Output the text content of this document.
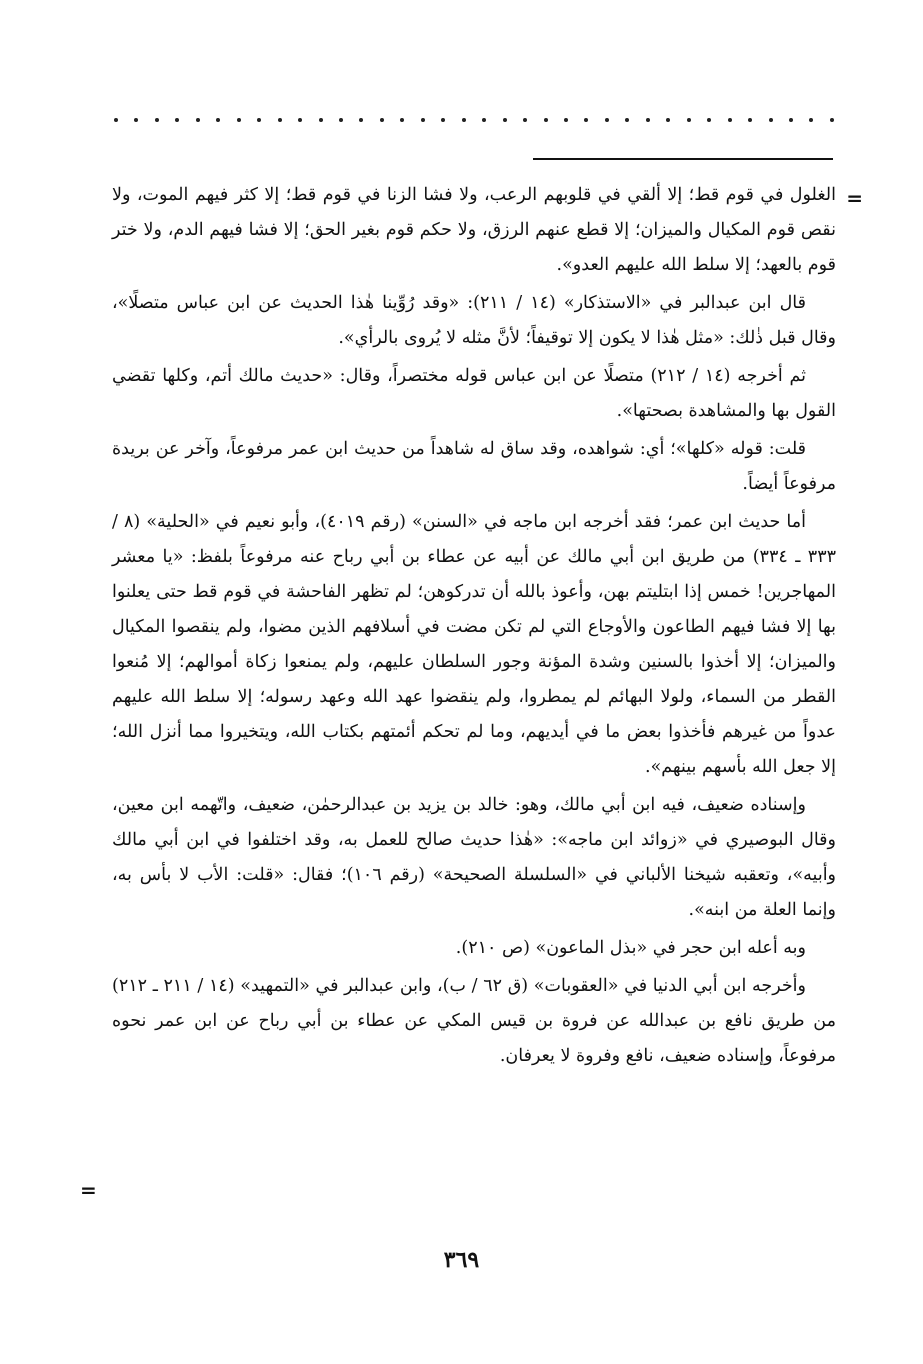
=

الغلول في قوم قط؛ إلا ألقي في قلوبهم الرعب، ولا فشا الزنا في قوم قط؛ إلا كثر فيهم الموت، ولا نقص قوم المكيال والميزان؛ إلا قطع عنهم الرزق، ولا حكم قوم بغير الحق؛ إلا فشا فيهم الدم، ولا ختر قوم بالعهد؛ إلا سلط الله عليهم العدو».

قال ابن عبدالبر في «الاستذكار» (١٤ / ٢١١): «وقد رُوِّينا هٰذا الحديث عن ابن عباس متصلًا»، وقال قبل ذٰلك: «مثل هٰذا لا يكون إلا توقيفاً؛ لأنَّ مثله لا يُروى بالرأي».

ثم أخرجه (١٤ / ٢١٢) متصلًا عن ابن عباس قوله مختصراً، وقال: «حديث مالك أتم، وكلها تقضي القول بها والمشاهدة بصحتها».

قلت: قوله «كلها»؛ أي: شواهده، وقد ساق له شاهداً من حديث ابن عمر مرفوعاً، وآخر عن بريدة مرفوعاً أيضاً.

أما حديث ابن عمر؛ فقد أخرجه ابن ماجه في «السنن» (رقم ٤٠١٩)، وأبو نعيم في «الحلية» (٨ / ٣٣٣ ـ ٣٣٤) من طريق ابن أبي مالك عن أبيه عن عطاء بن أبي رباح عنه مرفوعاً بلفظ: «يا معشر المهاجرين! خمس إذا ابتليتم بهن، وأعوذ بالله أن تدركوهن؛ لم تظهر الفاحشة في قوم قط حتى يعلنوا بها إلا فشا فيهم الطاعون والأوجاع التي لم تكن مضت في أسلافهم الذين مضوا، ولم ينقصوا المكيال والميزان؛ إلا أخذوا بالسنين وشدة المؤنة وجور السلطان عليهم، ولم يمنعوا زكاة أموالهم؛ إلا مُنعوا القطر من السماء، ولولا البهائم لم يمطروا، ولم ينقضوا عهد الله وعهد رسوله؛ إلا سلط الله عليهم عدواً من غيرهم فأخذوا بعض ما في أيديهم، وما لم تحكم أئمتهم بكتاب الله، ويتخيروا مما أنزل الله؛ إلا جعل الله بأسهم بينهم».

وإسناده ضعيف، فيه ابن أبي مالك، وهو: خالد بن يزيد بن عبدالرحمٰن، ضعيف، واتّهمه ابن معين، وقال البوصيري في «زوائد ابن ماجه»: «هٰذا حديث صالح للعمل به، وقد اختلفوا في ابن أبي مالك وأبيه»، وتعقبه شيخنا الألباني في «السلسلة الصحيحة» (رقم ١٠٦)؛ فقال: «قلت: الأب لا بأس به، وإنما العلة من ابنه».

وبه أعله ابن حجر في «بذل الماعون» (ص ٢١٠).

وأخرجه ابن أبي الدنيا في «العقوبات» (ق ٦٢ / ب)، وابن عبدالبر في «التمهيد» (١٤ / ٢١١ ـ ٢١٢) من طريق نافع بن عبدالله عن فروة بن قيس المكي عن عطاء بن أبي رباح عن ابن عمر نحوه مرفوعاً، وإسناده ضعيف، نافع وفروة لا يعرفان.

=
٣٦٩
